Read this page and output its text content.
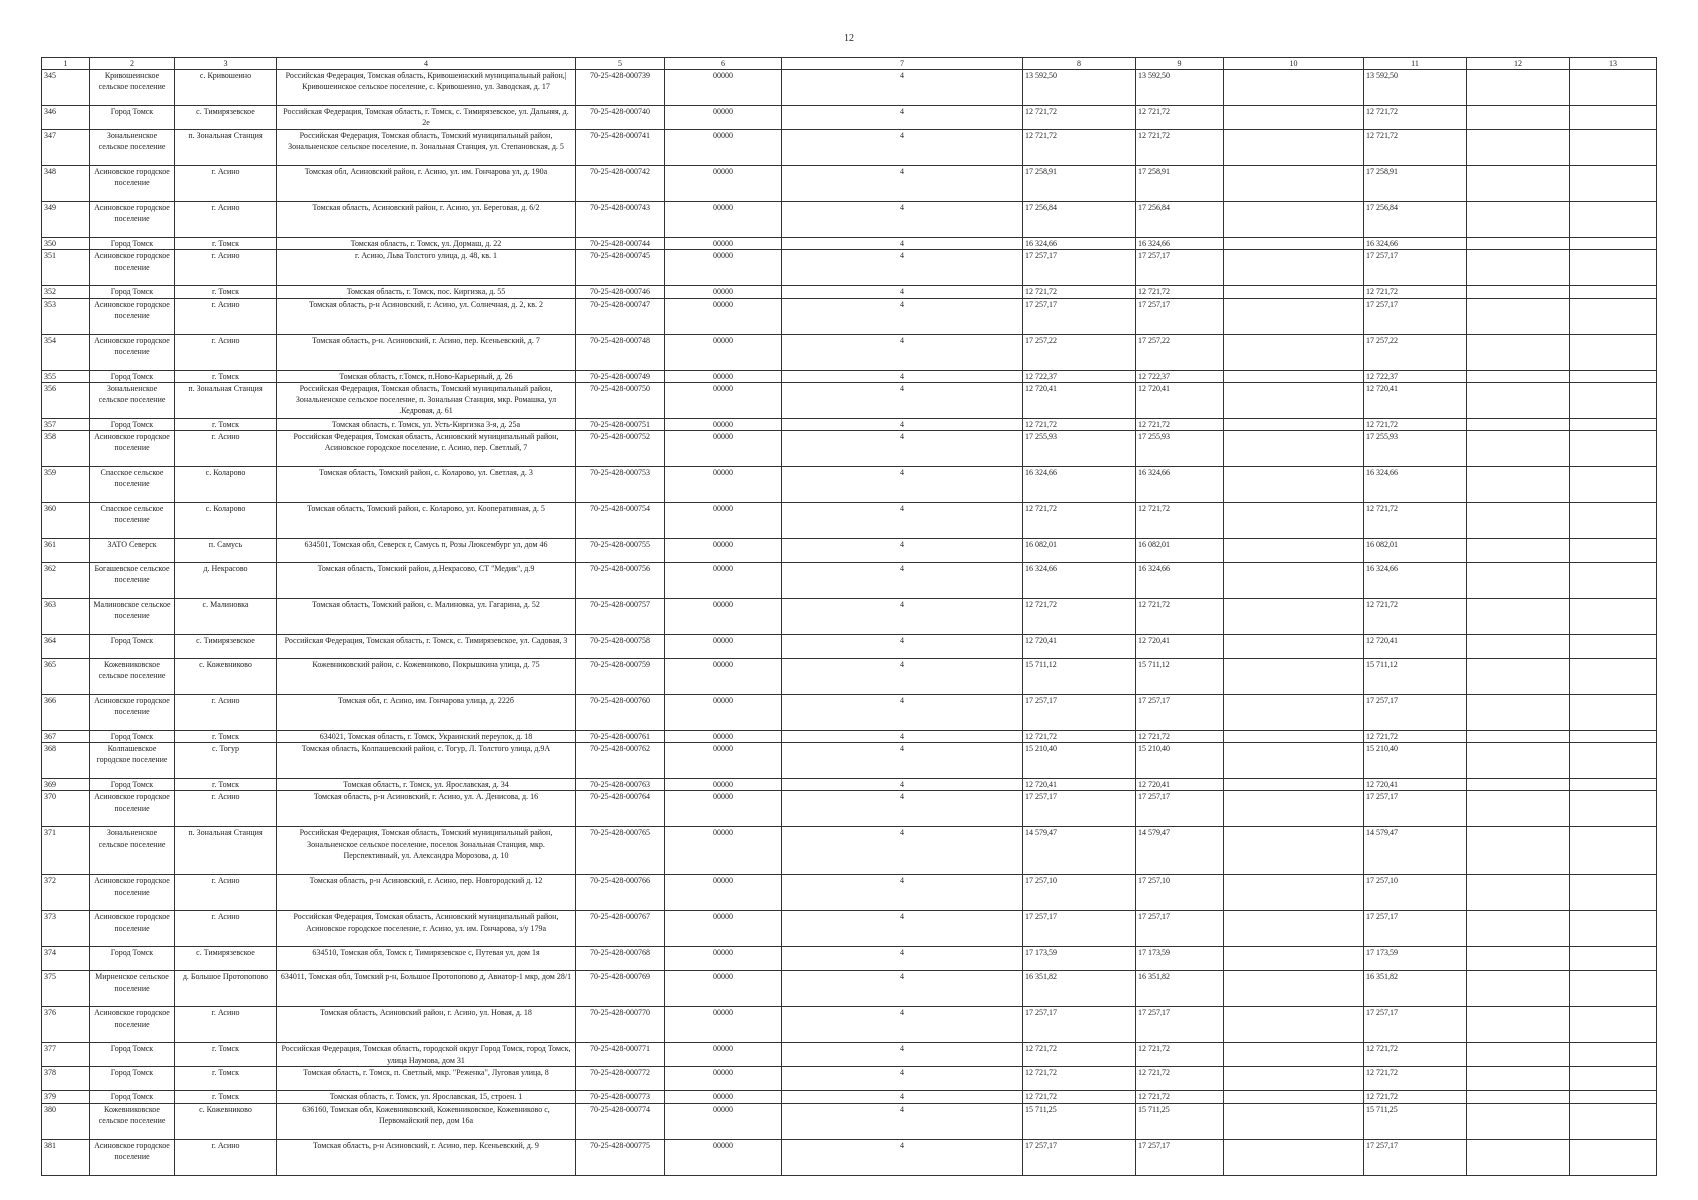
12
1	2	3	4	5	6	7	8	9	10	11	12	13
345	Кривошеинское сельское поселение	с. Кривошеино	Российская Федерация, Томская область, Кривошеинский муниципальный район,|Кривошеинское сельское поселение, с. Кривошеино, ул. Заводская, д. 17	70-25-428-000739	00000	4	13 592,50	13 592,50		13 592,50		
346	Город Томск	с. Тимирязевское	Российская Федерация, Томская область, г. Томск, с. Тимирязевское, ул. Дальняя, д. 2е	70-25-428-000740	00000	4	12 721,72	12 721,72		12 721,72		
347	Зональненское сельское поселение	п. Зональная Станция	Российская Федерация, Томская область, Томский муниципальный район, Зональненское сельское поселение, п. Зональная Станция, ул. Степановская, д. 5	70-25-428-000741	00000	4	12 721,72	12 721,72		12 721,72		
348	Асиновское городское поселение	г. Асино	Томская обл, Асиновский район, г. Асино, ул. им. Гончарова ул, д. 190а	70-25-428-000742	00000	4	17 258,91	17 258,91		17 258,91		
349	Асиновское городское поселение	г. Асино	Томская область, Асиновский район, г. Асино, ул. Береговая, д. 6/2	70-25-428-000743	00000	4	17 256,84	17 256,84		17 256,84		
350	Город Томск	г. Томск	Томская область, г. Томск, ул. Дормаш, д. 22	70-25-428-000744	00000	4	16 324,66	16 324,66		16 324,66		
351	Асиновское городское поселение	г. Асино	г. Асино, Льва Толстого улица, д. 48, кв. 1	70-25-428-000745	00000	4	17 257,17	17 257,17		17 257,17		
352	Город Томск	г. Томск	Томская область, г. Томск, пос. Киргизка, д. 55	70-25-428-000746	00000	4	12 721,72	12 721,72		12 721,72		
353	Асиновское городское поселение	г. Асино	Томская область, р-н Асиновский, г. Асино, ул. Солнечная, д. 2, кв. 2	70-25-428-000747	00000	4	17 257,17	17 257,17		17 257,17		
354	Асиновское городское поселение	г. Асино	Томская область, р-н. Асиновский, г. Асино, пер. Ксеньевский, д. 7	70-25-428-000748	00000	4	17 257,22	17 257,22		17 257,22		
355	Город Томск	г. Томск	Томская область, г.Томск, п.Ново-Карьерный, д. 26	70-25-428-000749	00000	4	12 722,37	12 722,37		12 722,37		
356	Зональненское сельское поселение	п. Зональная Станция	Российская Федерация, Томская область, Томский муниципальный район, Зональненское сельское поселение, п. Зональная Станция, мкр. Ромашка, ул .Кедровая, д. 61	70-25-428-000750	00000	4	12 720,41	12 720,41		12 720,41		
357	Город Томск	г. Томск	Томская область, г. Томск, ул. Усть-Киргизка 3-я, д. 25а	70-25-428-000751	00000	4	12 721,72	12 721,72		12 721,72		
358	Асиновское городское поселение	г. Асино	Российская Федерация, Томская область, Асиновский муниципальный район, Асиновское городское поселение, г. Асино, пер. Светлый, 7	70-25-428-000752	00000	4	17 255,93	17 255,93		17 255,93		
359	Спасское сельское поселение	с. Коларово	Томская область, Томский район, с. Коларово, ул. Светлая, д. 3	70-25-428-000753	00000	4	16 324,66	16 324,66		16 324,66		
360	Спасское сельское поселение	с. Коларово	Томская область, Томский район, с. Коларово, ул. Кооперативная, д. 5	70-25-428-000754	00000	4	12 721,72	12 721,72		12 721,72		
361	ЗАТО Северск	п. Самусь	634501, Томская обл, Северск г, Самусь п, Розы Люксембург ул, дом 46	70-25-428-000755	00000	4	16 082,01	16 082,01		16 082,01		
362	Богашевское сельское поселение	д. Некрасово	Томская область, Томский район, д.Некрасово, СТ "Медик", д.9	70-25-428-000756	00000	4	16 324,66	16 324,66		16 324,66		
363	Малиновское сельское поселение	с. Малиновка	Томская область, Томский район, с. Малиновка, ул. Гагарина, д. 52	70-25-428-000757	00000	4	12 721,72	12 721,72		12 721,72		
364	Город Томск	с. Тимирязевское	Российская Федерация, Томская область, г. Томск, с. Тимирязевское, ул. Садовая, 3	70-25-428-000758	00000	4	12 720,41	12 720,41		12 720,41		
365	Кожевниковское сельское поселение	с. Кожевниково	Кожевниковский район, с. Кожевниково, Покрышкина улица, д. 75	70-25-428-000759	00000	4	15 711,12	15 711,12		15 711,12		
366	Асиновское городское поселение	г. Асино	Томская обл, г. Асино, им. Гончарова улица, д. 222б	70-25-428-000760	00000	4	17 257,17	17 257,17		17 257,17		
367	Город Томск	г. Томск	634021, Томская область, г. Томск, Украинский переулок, д. 18	70-25-428-000761	00000	4	12 721,72	12 721,72		12 721,72		
368	Колпашевское городское поселение	с. Тогур	Томская область, Колпашевский район, с. Тогур, Л. Толстого улица, д.9А	70-25-428-000762	00000	4	15 210,40	15 210,40		15 210,40		
369	Город Томск	г. Томск	Томская область, г. Томск, ул. Ярославская, д. 34	70-25-428-000763	00000	4	12 720,41	12 720,41		12 720,41		
370	Асиновское городское поселение	г. Асино	Томская область, р-н Асиновский, г. Асино, ул. А. Денисова, д. 16	70-25-428-000764	00000	4	17 257,17	17 257,17		17 257,17		
371	Зональненское сельское поселение	п. Зональная Станция	Российская Федерация, Томская область, Томский муниципальный район, Зональненское сельское поселение, поселок Зональная Станция, мкр. Перспективный, ул. Александра Морозова, д. 10	70-25-428-000765	00000	4	14 579,47	14 579,47		14 579,47		
372	Асиновское городское поселение	г. Асино	Томская область, р-н Асиновский, г. Асино, пер. Новгородский д. 12	70-25-428-000766	00000	4	17 257,10	17 257,10		17 257,10		
373	Асиновское городское поселение	г. Асино	Российская Федерация, Томская область, Асиновский муниципальный район, Асиновское городское поселение, г. Асино, ул. им. Гончарова, з/у 179а	70-25-428-000767	00000	4	17 257,17	17 257,17		17 257,17		
374	Город Томск	с. Тимирязевское	634510, Томская обл, Томск г, Тимирязевское с, Путевая ул, дом 1я	70-25-428-000768	00000	4	17 173,59	17 173,59		17 173,59		
375	Мирненское сельское поселение	д. Большое Протопопово	634011, Томская обл, Томский р-н, Большое Протопопово д, Авиатор-1 мкр, дом 28/1	70-25-428-000769	00000	4	16 351,82	16 351,82		16 351,82		
376	Асиновское городское поселение	г. Асино	Томская область, Асиновский район, г. Асино, ул. Новая, д. 18	70-25-428-000770	00000	4	17 257,17	17 257,17		17 257,17		
377	Город Томск	г. Томск	Российская Федерация, Томская область, городской округ Город Томск, город Томск, улица Наумова, дом 31	70-25-428-000771	00000	4	12 721,72	12 721,72		12 721,72		
378	Город Томск	г. Томск	Томская область, г. Томск, п. Светлый, мкр. "Реженка", Луговая улица, 8	70-25-428-000772	00000	4	12 721,72	12 721,72		12 721,72		
379	Город Томск	г. Томск	Томская область, г. Томск, ул. Ярославская, 15, строен. 1	70-25-428-000773	00000	4	12 721,72	12 721,72		12 721,72		
380	Кожевниковское сельское поселение	с. Кожевниково	636160, Томская обл, Кожевниковский, Кожевниковское, Кожевниково с, Первомайский пер, дом 16а	70-25-428-000774	00000	4	15 711,25	15 711,25		15 711,25		
381	Асиновское городское поселение	г. Асино	Томская область, р-н Асиновский, г. Асино, пер. Ксеньевский, д. 9	70-25-428-000775	00000	4	17 257,17	17 257,17		17 257,17		
